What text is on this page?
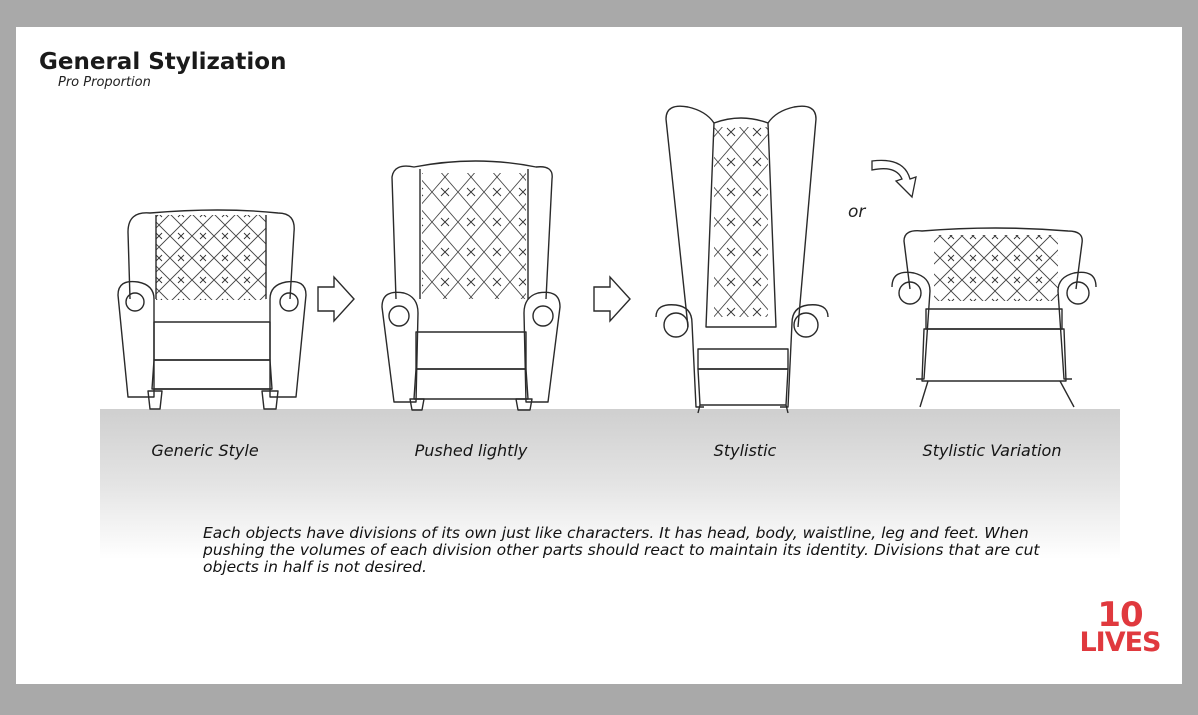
General Stylization
Pro Proportion
or
Generic Style	Pushed lightly	Stylistic	Stylistic Variation
Each objects have divisions of its own just like characters. It has head, body, waistline, leg and feet. When pushing the volumes of each division other parts should react to maintain its identity. Divisions that are cut objects in half is not desired.
10
LIVES
